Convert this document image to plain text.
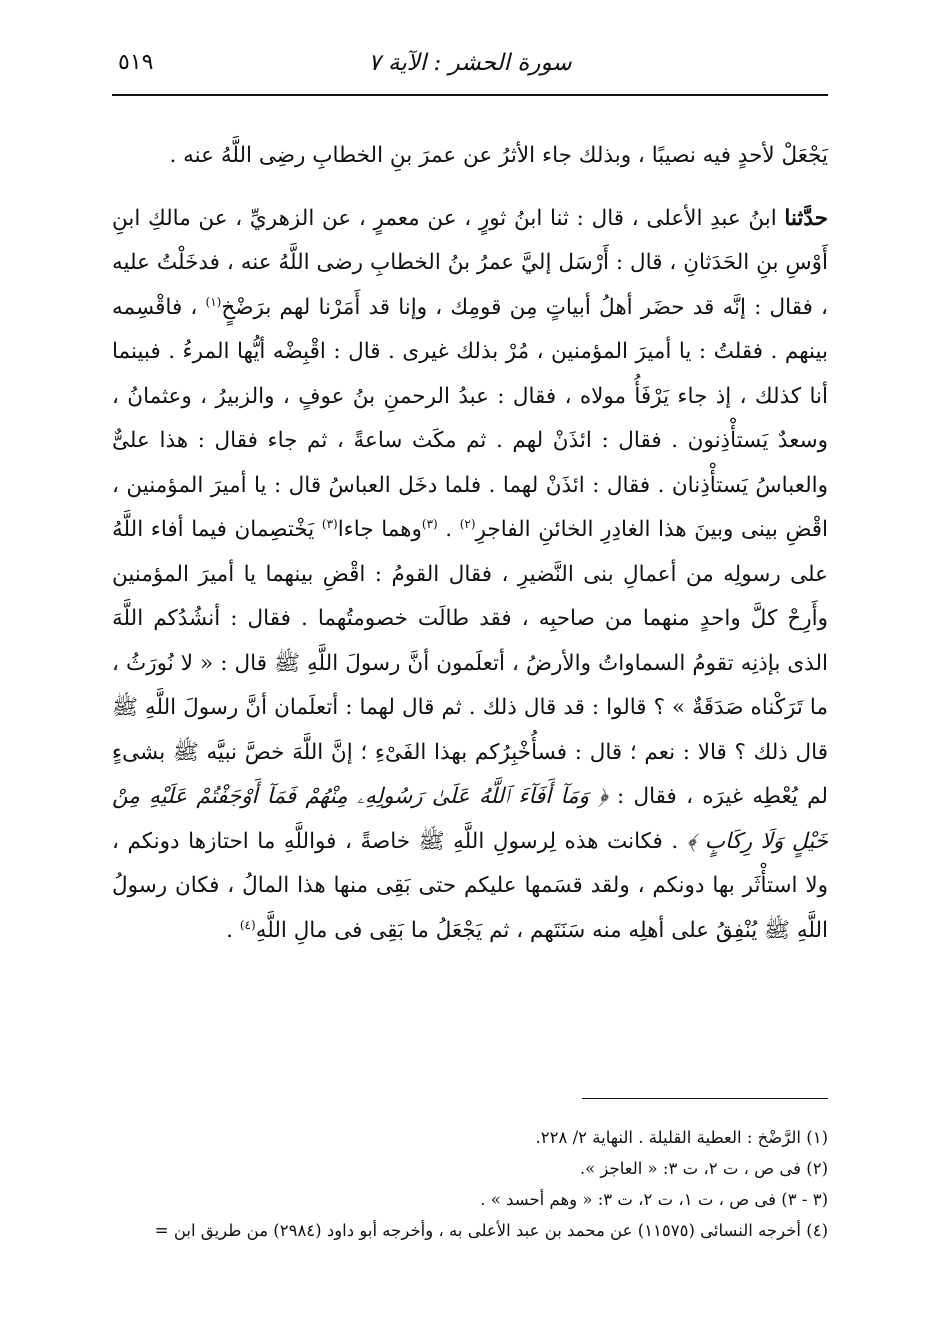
٥١٩	سورة الحشر : الآية ٧

يَجْعَلْ لأحدٍ فيه نصيبًا ، وبذلك جاء الأثرُ عن عمرَ بنِ الخطابِ رضِى اللَّهُ عنه .

حدَّثنا ابنُ عبدِ الأعلى ، قال : ثنا ابنُ ثورٍ ، عن معمرٍ ، عن الزهريِّ ، عن مالكِ ابنِ أَوْسِ بنِ الحَدَثانِ ، قال : أَرْسَل إليَّ عمرُ بنُ الخطابِ رضى اللَّهُ عنه ، فدخَلْتُ عليه ، فقال : إنَّه قد حضَر أهلُ أبياتٍ مِن قومِك ، وإنا قد أَمَرْنا لهم برَضْخٍ$^{(١)}$ ، فاقْسِمه بينهم . فقلتُ : يا أميرَ المؤمنين ، مُرْ بذلك غيرى . قال : اقْبِضْه أيُّها المرءُ . فبينما أنا كذلك ، إذ جاء يَرْفَأُ مولاه ، فقال : عبدُ الرحمنِ بنُ عوفٍ ، والزبيرُ ، وعثمانُ ، وسعدٌ يَستأْذِنون . فقال : ائذَنْ لهم . ثم مكَث ساعةً ، ثم جاء فقال : هذا علىٌّ والعباسُ يَستأْذِنان . فقال : ائذَنْ لهما . فلما دخَل العباسُ قال : يا أميرَ المؤمنين ، اقْضِ بينى وبينَ هذا الغادِرِ الخائنِ الفاجرِ$^{(٢)}$ . $^{(٣)}$وهما جاءا$^{(٣)}$ يَخْتصِمان فيما أفاء اللَّهُ على رسولِه من أعمالِ بنى النَّضيرِ ، فقال القومُ : اقْضِ بينهما يا أميرَ المؤمنين وأَرِحْ كلَّ واحدٍ منهما من صاحبِه ، فقد طالَت خصومتُهما . فقال : أنشُدُكم اللَّهَ الذى بإذنِه تقومُ السماواتُ والأرضُ ، أتعلَمون أنَّ رسولَ اللَّهِ ﷺ قال : « لا نُورَثُ ، ما تَرَكْناه صَدَقَةٌ » ؟ قالوا : قد قال ذلك . ثم قال لهما : أتعلَمان أنَّ رسولَ اللَّهِ ﷺ قال ذلك ؟ قالا : نعم ؛ قال : فسأُخْبِرُكم بهذا الفَىْءِ ؛ إنَّ اللَّهَ خصَّ نبيَّه ﷺ بشىءٍ لم يُعْطِه غيرَه ، فقال : ﴿ وَمَآ أَفَآءَ ٱللَّهُ عَلَىٰ رَسُولِهِۦ مِنْهُمْ فَمَآ أَوْجَفْتُمْ عَلَيْهِ مِنْ خَيْلٍ وَلَا رِكَابٍ ﴾ . فكانت هذه لِرسولِ اللَّهِ ﷺ خاصةً ، فواللَّهِ ما احتازها دونكم ، ولا استأْثَر بها دونكم ، ولقد قسَمها عليكم حتى بَقِى منها هذا المالُ ، فكان رسولُ اللَّهِ ﷺ يُنْفِقُ على أهلِه منه سَنَتَهم ، ثم يَجْعَلُ ما بَقِى فى مالِ اللَّهِ$^{(٤)}$ .

(١) الرَّضْخ : العطية القليلة . النهاية ٢/ ٢٢٨.
(٢) فى ص ، ت ٢، ت ٣: « العاجز ».
(٣ - ٣) فى ص ، ت ١، ت ٢، ت ٣: « وهم أحسد » .
(٤) أخرجه النسائى (١١٥٧٥) عن محمد بن عبد الأعلى به ، وأخرجه أبو داود (٢٩٨٤) من طريق ابن =
